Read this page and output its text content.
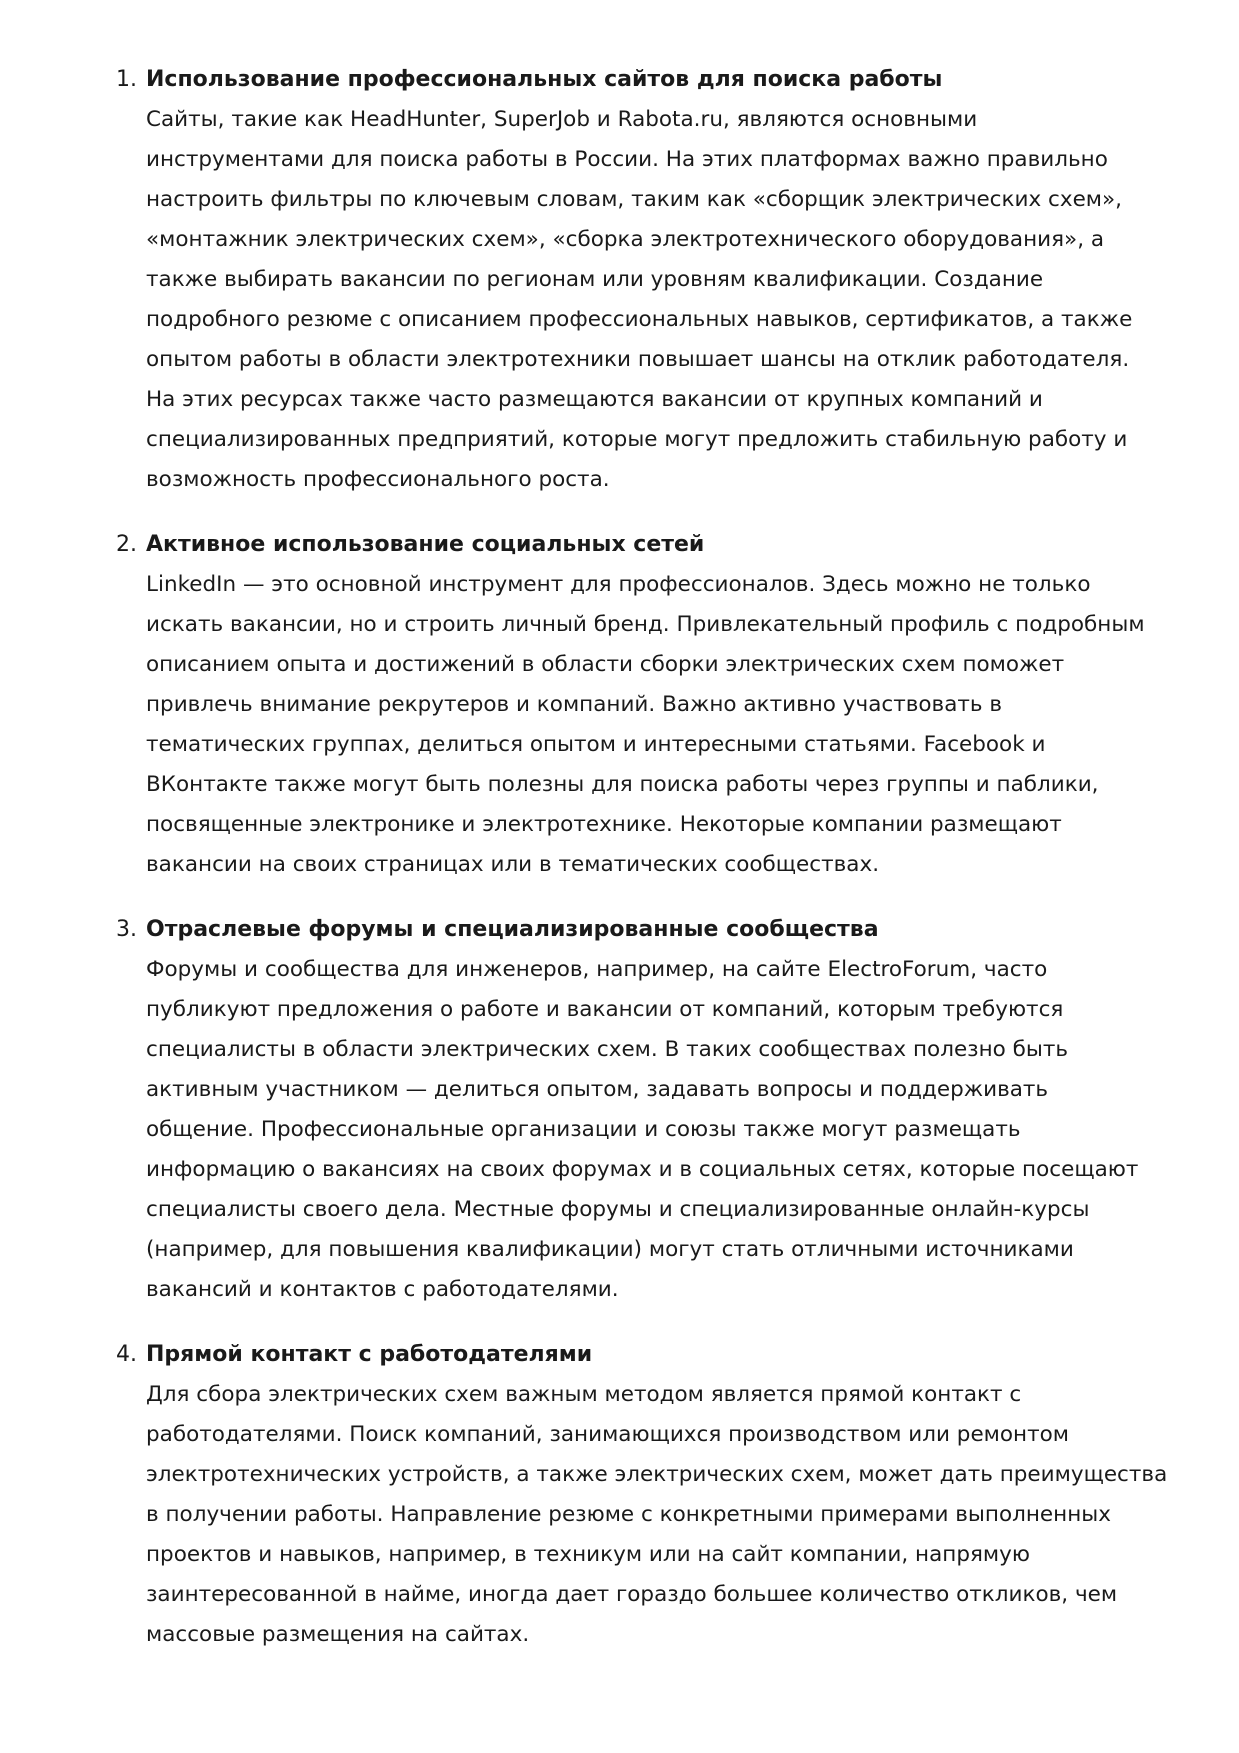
1. Использование профессиональных сайтов для поиска работы

Сайты, такие как HeadHunter, SuperJob и Rabota.ru, являются основными
инструментами для поиска работы в России. На этих платформах важно правильно
настроить фильтры по ключевым словам, таким как «сборщик электрических схем»,
«монтажник электрических схем», «сборка электротехнического оборудования», а
также выбирать вакансии по регионам или уровням квалификации. Создание
подробного резюме с описанием профессиональных навыков, сертификатов, а также
опытом работы в области электротехники повышает шансы на отклик работодателя.
На этих ресурсах также часто размещаются вакансии от крупных компаний и
специализированных предприятий, которые могут предложить стабильную работу и
возможность профессионального роста.

2. Активное использование социальных сетей

LinkedIn — это основной инструмент для профессионалов. Здесь можно не только
искать вакансии, но и строить личный бренд. Привлекательный профиль с подробным
описанием опыта и достижений в области сборки электрических схем поможет
привлечь внимание рекрутеров и компаний. Важно активно участвовать в
тематических группах, делиться опытом и интересными статьями. Facebook и
ВКонтакте также могут быть полезны для поиска работы через группы и паблики,
посвященные электронике и электротехнике. Некоторые компании размещают
вакансии на своих страницах или в тематических сообществах.

3. Отраслевые форумы и специализированные сообщества

Форумы и сообщества для инженеров, например, на сайте ElectroForum, часто
публикуют предложения о работе и вакансии от компаний, которым требуются
специалисты в области электрических схем. В таких сообществах полезно быть
активным участником — делиться опытом, задавать вопросы и поддерживать
общение. Профессиональные организации и союзы также могут размещать
информацию о вакансиях на своих форумах и в социальных сетях, которые посещают
специалисты своего дела. Местные форумы и специализированные онлайн-курсы
(например, для повышения квалификации) могут стать отличными источниками
вакансий и контактов с работодателями.

4. Прямой контакт с работодателями

Для сбора электрических схем важным методом является прямой контакт с
работодателями. Поиск компаний, занимающихся производством или ремонтом
электротехнических устройств, а также электрических схем, может дать преимущества
в получении работы. Направление резюме с конкретными примерами выполненных
проектов и навыков, например, в техникум или на сайт компании, напрямую
заинтересованной в найме, иногда дает гораздо большее количество откликов, чем
массовые размещения на сайтах.
